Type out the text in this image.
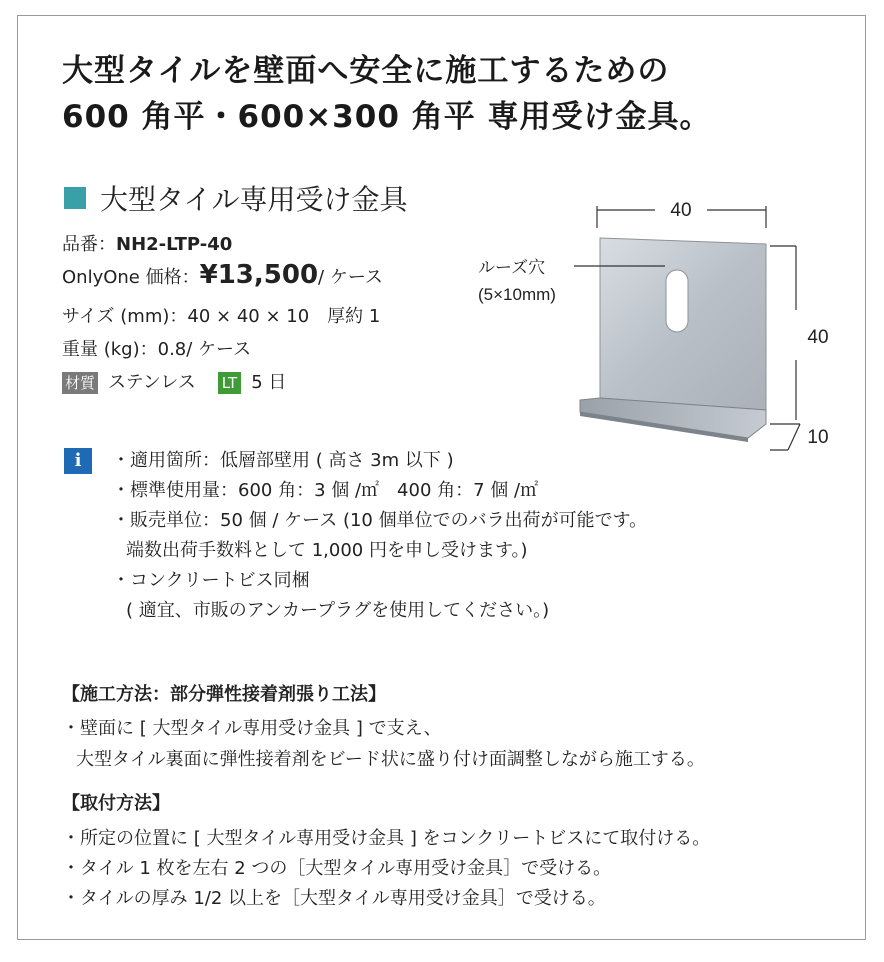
大型タイルを壁面へ安全に施工するための
600 角平・600×300 角平 専用受け金具。
大型タイル専用受け金具
品番：NH2-LTP-40
OnlyOne 価格：¥13,500/ ケース
サイズ (mm)：40 × 40 × 10　厚約 1
重量 (kg)：0.8/ ケース
材質 ステンレス LT 5 日
40
40
10
ルーズ穴
(5×10mm)
i	・適用箇所：低層部壁用 ( 高さ 3m 以下 )
・標準使用量：600 角：3 個 /㎡　400 角：7 個 /㎡
・販売単位：50 個 / ケース (10 個単位でのバラ出荷が可能です。
端数出荷手数料として 1,000 円を申し受けます。)
・コンクリートビス同梱
( 適宜、市販のアンカープラグを使用してください。)
【施工方法：部分弾性接着剤張り工法】
・壁面に [ 大型タイル専用受け金具 ] で支え、
大型タイル裏面に弾性接着剤をビード状に盛り付け面調整しながら施工する。
【取付方法】
・所定の位置に [ 大型タイル専用受け金具 ] をコンクリートビスにて取付ける。
・タイル 1 枚を左右 2 つの［大型タイル専用受け金具］で受ける。
・タイルの厚み 1/2 以上を［大型タイル専用受け金具］で受ける。
